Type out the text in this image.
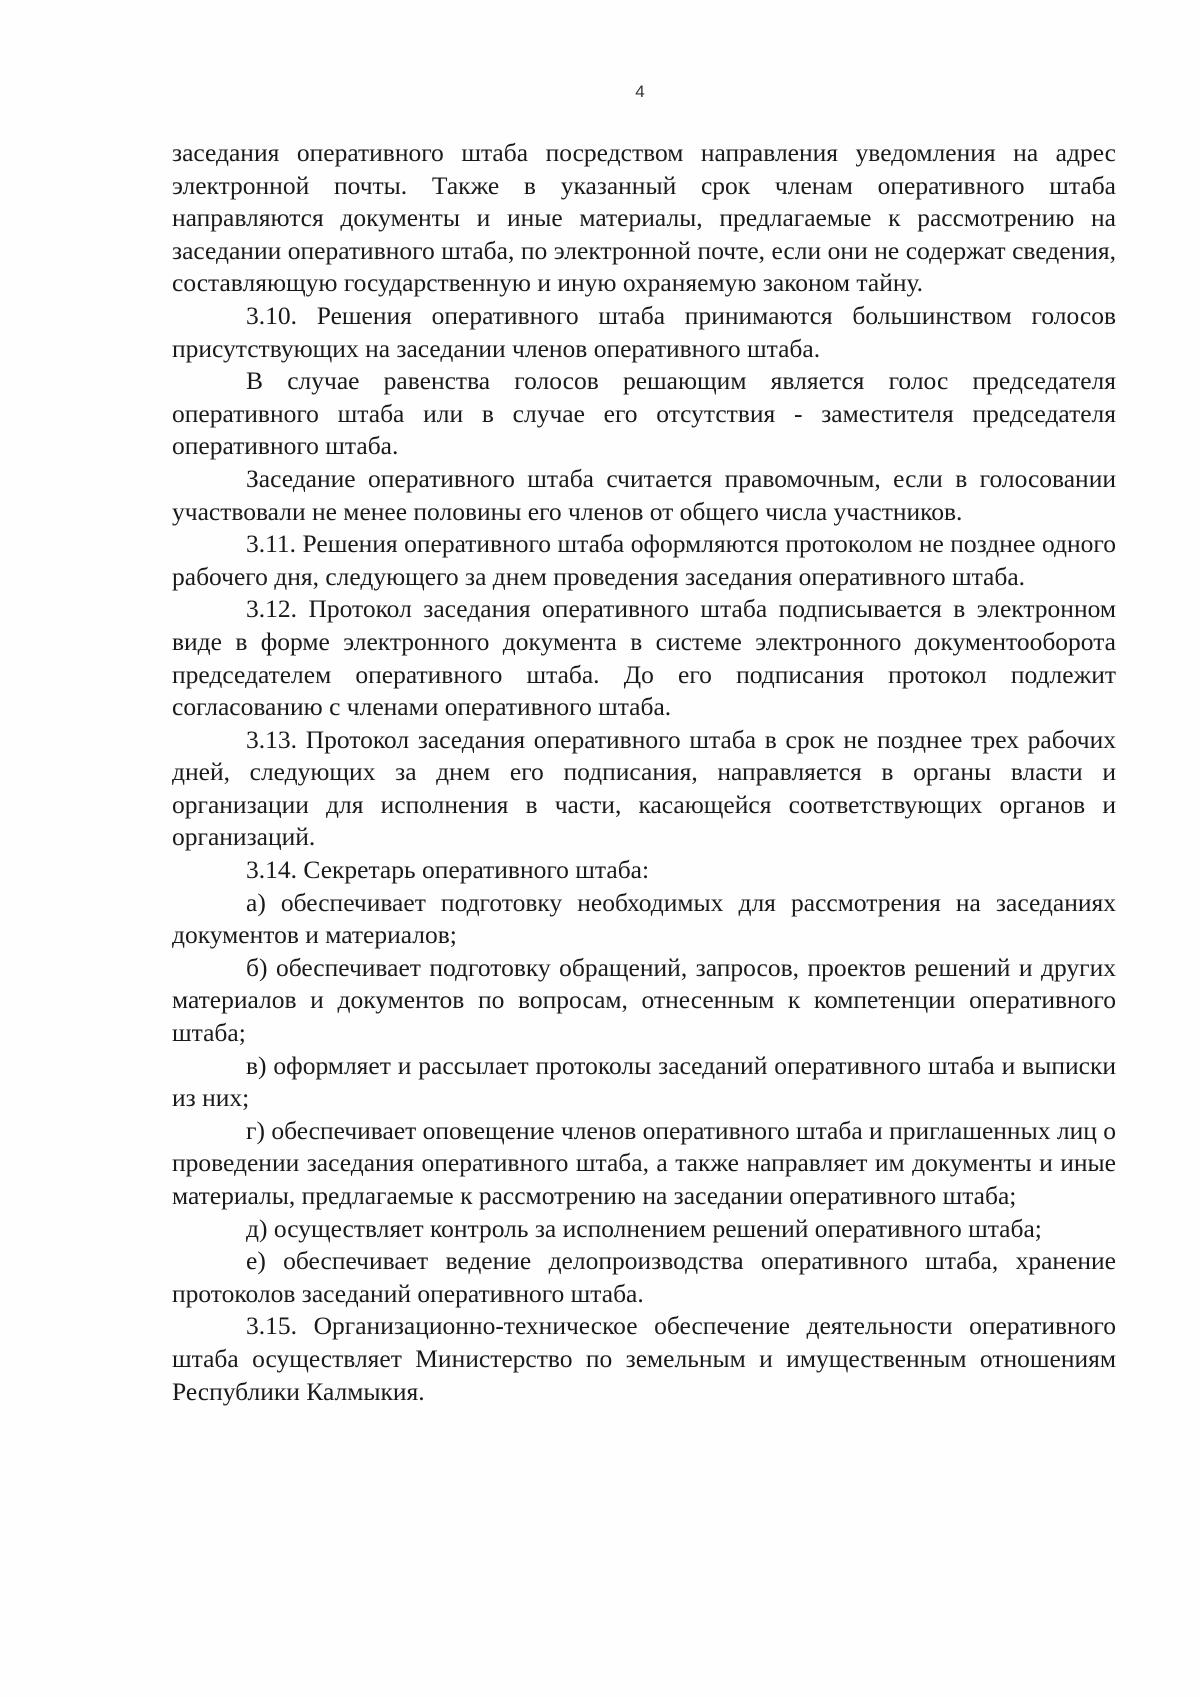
4

заседания оперативного штаба посредством направления уведомления на адрес электронной почты. Также в указанный срок членам оперативного штаба направляются документы и иные материалы, предлагаемые к рассмотрению на заседании оперативного штаба, по электронной почте, если они не содержат сведения, составляющую государственную и иную охраняемую законом тайну.

3.10. Решения оперативного штаба принимаются большинством голосов присутствующих на заседании членов оперативного штаба.

В случае равенства голосов решающим является голос председателя оперативного штаба или в случае его отсутствия - заместителя председателя оперативного штаба.

Заседание оперативного штаба считается правомочным, если в голосовании участвовали не менее половины его членов от общего числа участников.

3.11. Решения оперативного штаба оформляются протоколом не позднее одного рабочего дня, следующего за днем проведения заседания оперативного штаба.

3.12. Протокол заседания оперативного штаба подписывается в электронном виде в форме электронного документа в системе электронного документооборота председателем оперативного штаба. До его подписания протокол подлежит согласованию с членами оперативного штаба.

3.13. Протокол заседания оперативного штаба в срок не позднее трех рабочих дней, следующих за днем его подписания, направляется в органы власти и организации для исполнения в части, касающейся соответствующих органов и организаций.

3.14. Секретарь оперативного штаба:

а) обеспечивает подготовку необходимых для рассмотрения на заседаниях документов и материалов;

б) обеспечивает подготовку обращений, запросов, проектов решений и других материалов и документов по вопросам, отнесенным к компетенции оперативного штаба;

в) оформляет и рассылает протоколы заседаний оперативного штаба и выписки из них;

г) обеспечивает оповещение членов оперативного штаба и приглашенных лиц о проведении заседания оперативного штаба, а также направляет им документы и иные материалы, предлагаемые к рассмотрению на заседании оперативного штаба;

д) осуществляет контроль за исполнением решений оперативного штаба;

е) обеспечивает ведение делопроизводства оперативного штаба, хранение протоколов заседаний оперативного штаба.

3.15. Организационно-техническое обеспечение деятельности оперативного штаба осуществляет Министерство по земельным и имущественным отношениям Республики Калмыкия.
